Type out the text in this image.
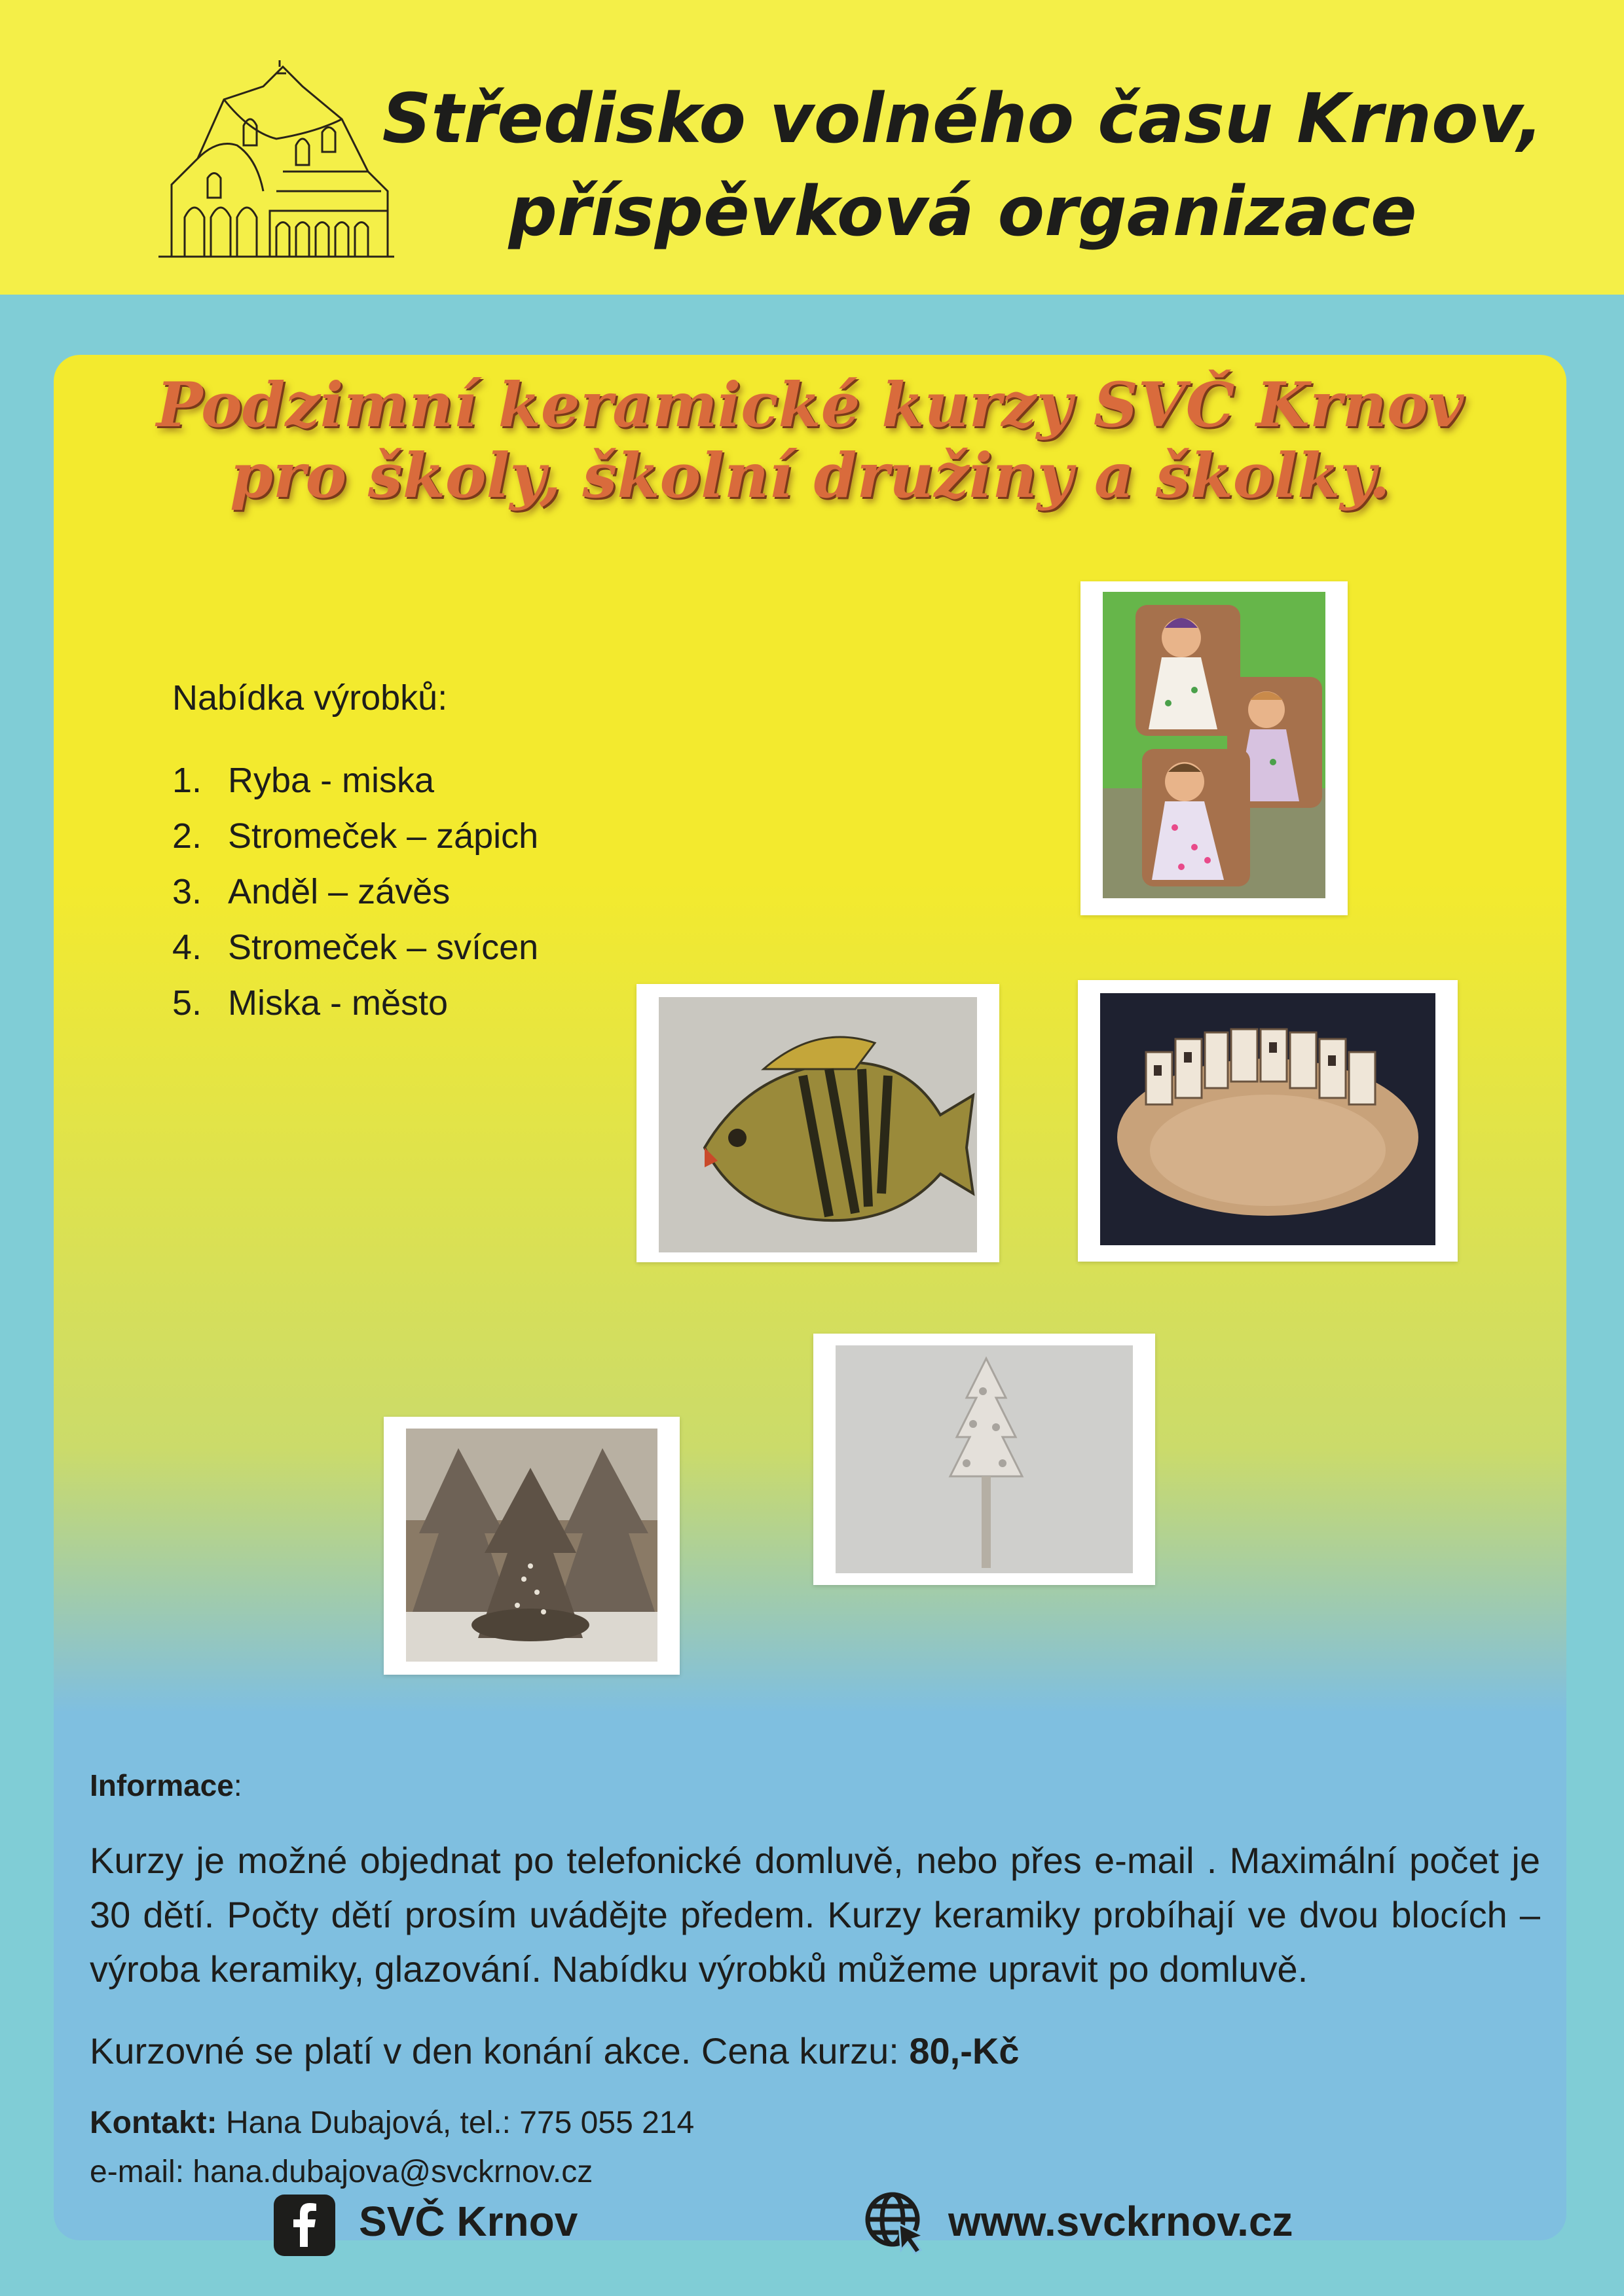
Středisko volného času Krnov,
příspěvková organizace
Podzimní keramické kurzy SVČ Krnov
pro školy, školní družiny a školky.
Nabídka výrobků:
1. Ryba - miska
2. Stromeček – zápich
3. Anděl – závěs
4. Stromeček – svícen
5. Miska - město
Informace:
Kurzy je možné objednat po telefonické domluvě, nebo přes e-mail . Maximální počet je 30 dětí. Počty dětí prosím uvádějte předem. Kurzy keramiky probíhají ve dvou blocích – výroba keramiky, glazování. Nabídku výrobků můžeme upravit po domluvě.
Kurzovné se platí v den konání akce. Cena kurzu: 80,-Kč
Kontakt: Hana Dubajová, tel.: 775 055 214
e-mail: hana.dubajova@svckrnov.cz
SVČ Krnov	www.svckrnov.cz
